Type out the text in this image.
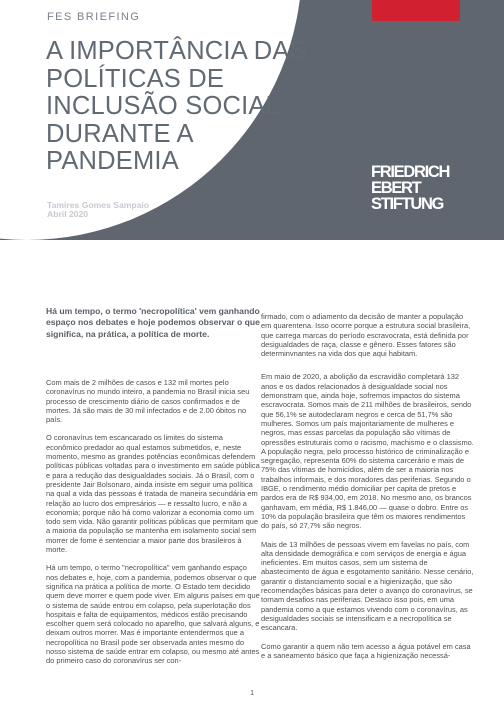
FES BRIEFING
A IMPORTÂNCIA DAS POLÍTICAS DE INCLUSÃO SOCIAL DURANTE A PANDEMIA
Tamires Gomes Sampaio
Abril 2020
FRIEDRICH
EBERT
STIFTUNG

Há um tempo, o termo 'necropolítica' vem ganhando espaço nos debates e hoje podemos observar o que significa, na prática, a política de morte.

Com mais de 2 milhões de casos e 132 mil mortes pelo coronavírus no mundo inteiro, a pandemia no Brasil inicia seu processo de crescimento diário de casos confirmados e de mortes. Já são mais de 30 mil infectados e de 2.00 óbitos no país.

O coronavírus tem escancarado os limites do sistema econômico predador ao qual estamos submetidos, e, neste momento, mesmo as grandes potências econômicas defendem políticas públicas voltadas para o investimento em saúde pública e para a redução das desigualdades sociais. Já o Brasil, com o presidente Jair Bolsonaro, ainda insiste em seguir uma política na qual a vida das pessoas é tratada de maneira secundária em relação ao lucro dos empresários — e ressalto lucro, e não a economia; porque não há como valorizar a economia como um todo sem vida. Não garantir políticas públicas que permitam que a maioria da população se mantenha em isolamento social sem morrer de fome é sentenciar a maior parte dos brasileiros à morte.

Há um tempo, o termo "necropolítica" vem ganhando espaço nos debates e, hoje, com a pandemia, podemos observar o que significa na prática a política de morte. O Estado tem decidido quem deve morrer e quem pode viver. Em alguns países em que o sistema de saúde entrou em colapso, pela superlotação dos hospitais e falta de equipamentos, médicos estão precisando escolher quem será colocado no aparelho, que salvará alguns, e deixam outros morrer. Mas é importante entendermos que a necropolítica no Brasil pode ser observada antes mesmo do nosso sistema de saúde entrar em colapso, ou mesmo até antes do primeiro caso do coronavírus ser con-

firmado, com o adiamento da decisão de manter a população em quarentena. Isso ocorre porque a estrutura social brasileira, que carrega marcas do período escravocrata, está definida por desigualdades de raça, classe e gênero. Esses fatores são determinvnantes na vida dos que aqui habitam.

Em maio de 2020, a abolição da escravidão completará 132 anos e os dados relacionados à desigualdade social nos demonstram que, ainda hoje, sofremos impactos do sistema escravocrata. Somos mais de 211 milhões de brasileiros, sendo que 56,1% se autodeclaram negros e cerca de 51,7% são mulheres. Somos um país majoritariamente de mulheres e negros, mas essas parcelas da população são vítimas de opressões estruturais como o racismo, machismo e o classismo. A população negra, pelo processo histórico de criminalização e segregação, representa 60% do sistema carcerário e mais de 75% das vítimas de homicídios, além de ser a maioria nos trabalhos informais, e dos moradores das periferias. Segundo o IBGE, o rendimento médio domiciliar per capita de pretos e pardos era de R$ 934,00, em 2018. No mesmo ano, os brancos ganhavam, em média, R$ 1.846,00 — quase o dobro. Entre os 10% da população brasileira que têm os maiores rendimentos do país, só 27,7% são negros.

Mais de 13 milhões de pessoas vivem em favelas no país, com alta densidade demográfica e com serviços de energia e água ineficientes. Em muitos casos, sem um sistema de abastecimento de água e esgotamento sanitário. Nesse cenário, garantir o distanciamento social e a higienização, que são recomendações básicas para deter o avanço do coronavírus, se tornam desafios nas periferias. Destaco isso pois, em uma pandemia como a que estamos vivendo com o coronavírus, as desigualdades sociais se intensificam e a necropolítica se escancara.

Como garantir a quem não tem acesso a água potável em casa e a saneamento básico que faça a higienização necessá-

1
